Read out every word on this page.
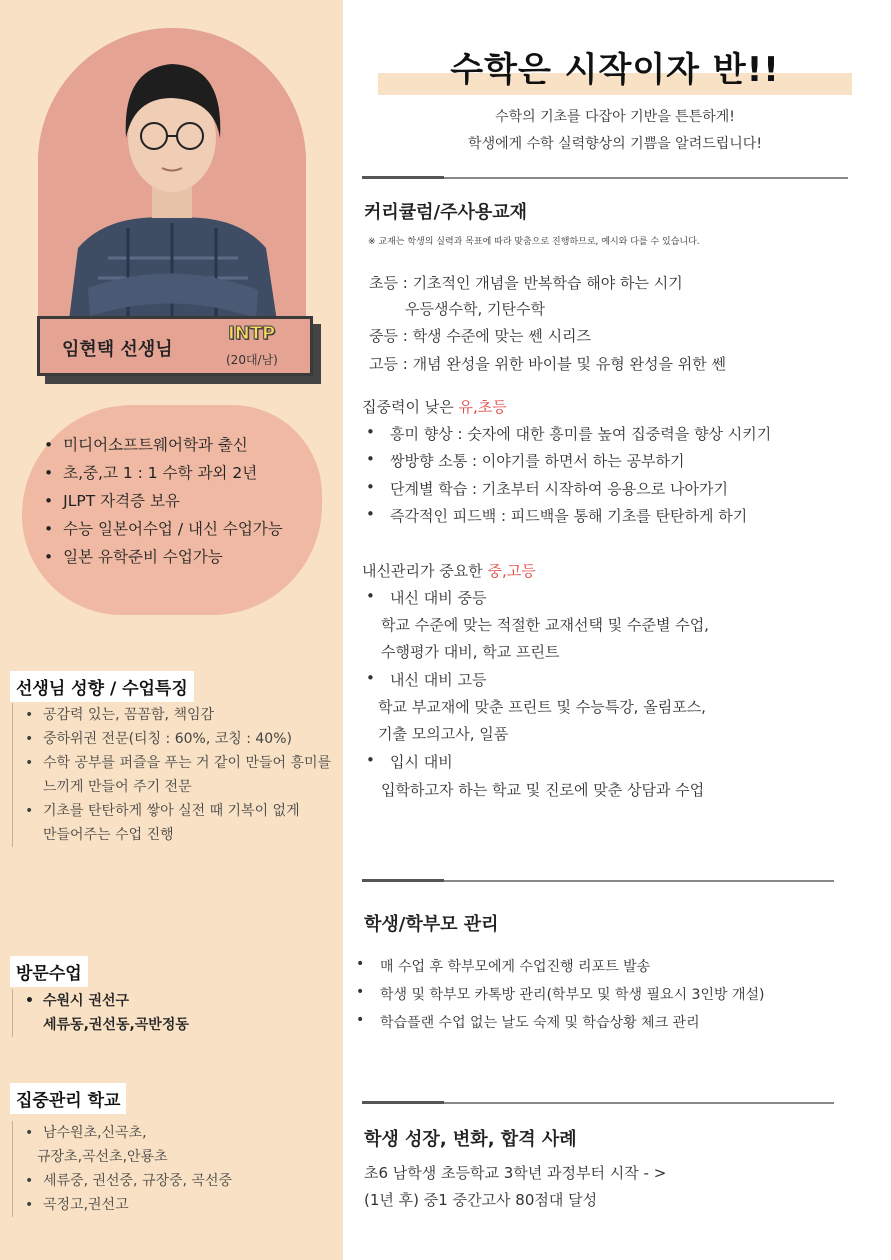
임현택 선생님
INTP
(20대/남)
• 미디어소프트웨어학과 출신
• 초,중,고 1 : 1 수학 과외 2년
• JLPT 자격증 보유
• 수능 일본어수업 / 내신 수업가능
• 일본 유학준비 수업가능
선생님 성향 / 수업특징
• 공감력 있는, 꼼꼼함, 책임감
• 중하위권 전문(티칭 : 60%, 코칭 : 40%)
• 수학 공부를 퍼즐을 푸는 거 같이 만들어 흥미를
느끼게 만들어 주기 전문
• 기초를 탄탄하게 쌓아 실전 때 기복이 없게
만들어주는 수업 진행
방문수업
• 수원시 권선구
세류동,권선동,곡반정동
집중관리 학교
• 남수원초,신곡초,
규장초,곡선초,안룡초
• 세류중, 권선중, 규장중, 곡선중
• 곡정고,권선고
수학은 시작이자 반!!
수학의 기초를 다잡아 기반을 튼튼하게!
학생에게 수학 실력향상의 기쁨을 알려드립니다!
커리큘럼/주사용교재
※ 교재는 학생의 실력과 목표에 따라 맞춤으로 진행하므로, 예시와 다를 수 있습니다.
초등 : 기초적인 개념을 반복학습 해야 하는 시기
우등생수학, 기탄수학
중등 : 학생 수준에 맞는 쎈 시리즈
고등 : 개념 완성을 위한 바이블 및 유형 완성을 위한 쎈
집중력이 낮은 유,초등
• 흥미 향상 : 숫자에 대한 흥미를 높여 집중력을 향상 시키기
• 쌍방향 소통 : 이야기를 하면서 하는 공부하기
• 단계별 학습 : 기초부터 시작하여 응용으로 나아가기
• 즉각적인 피드백 : 피드백을 통해 기초를 탄탄하게 하기
내신관리가 중요한 중,고등
• 내신 대비 중등
학교 수준에 맞는 적절한 교재선택 및 수준별 수업,
수행평가 대비, 학교 프린트
• 내신 대비 고등
학교 부교재에 맞춘 프린트 및 수능특강, 올림포스,
기출 모의고사, 일품
• 입시 대비
입학하고자 하는 학교 및 진로에 맞춘 상담과 수업
학생/학부모 관리
• 매 수업 후 학부모에게 수업진행 리포트 발송
• 학생 및 학부모 카톡방 관리(학부모 및 학생 필요시 3인방 개설)
• 학습플랜 수업 없는 날도 숙제 및 학습상황 체크 관리
학생 성장, 변화, 합격 사례
초6 남학생 초등학교 3학년 과정부터 시작 - >
(1년 후) 중1 중간고사 80점대 달성
